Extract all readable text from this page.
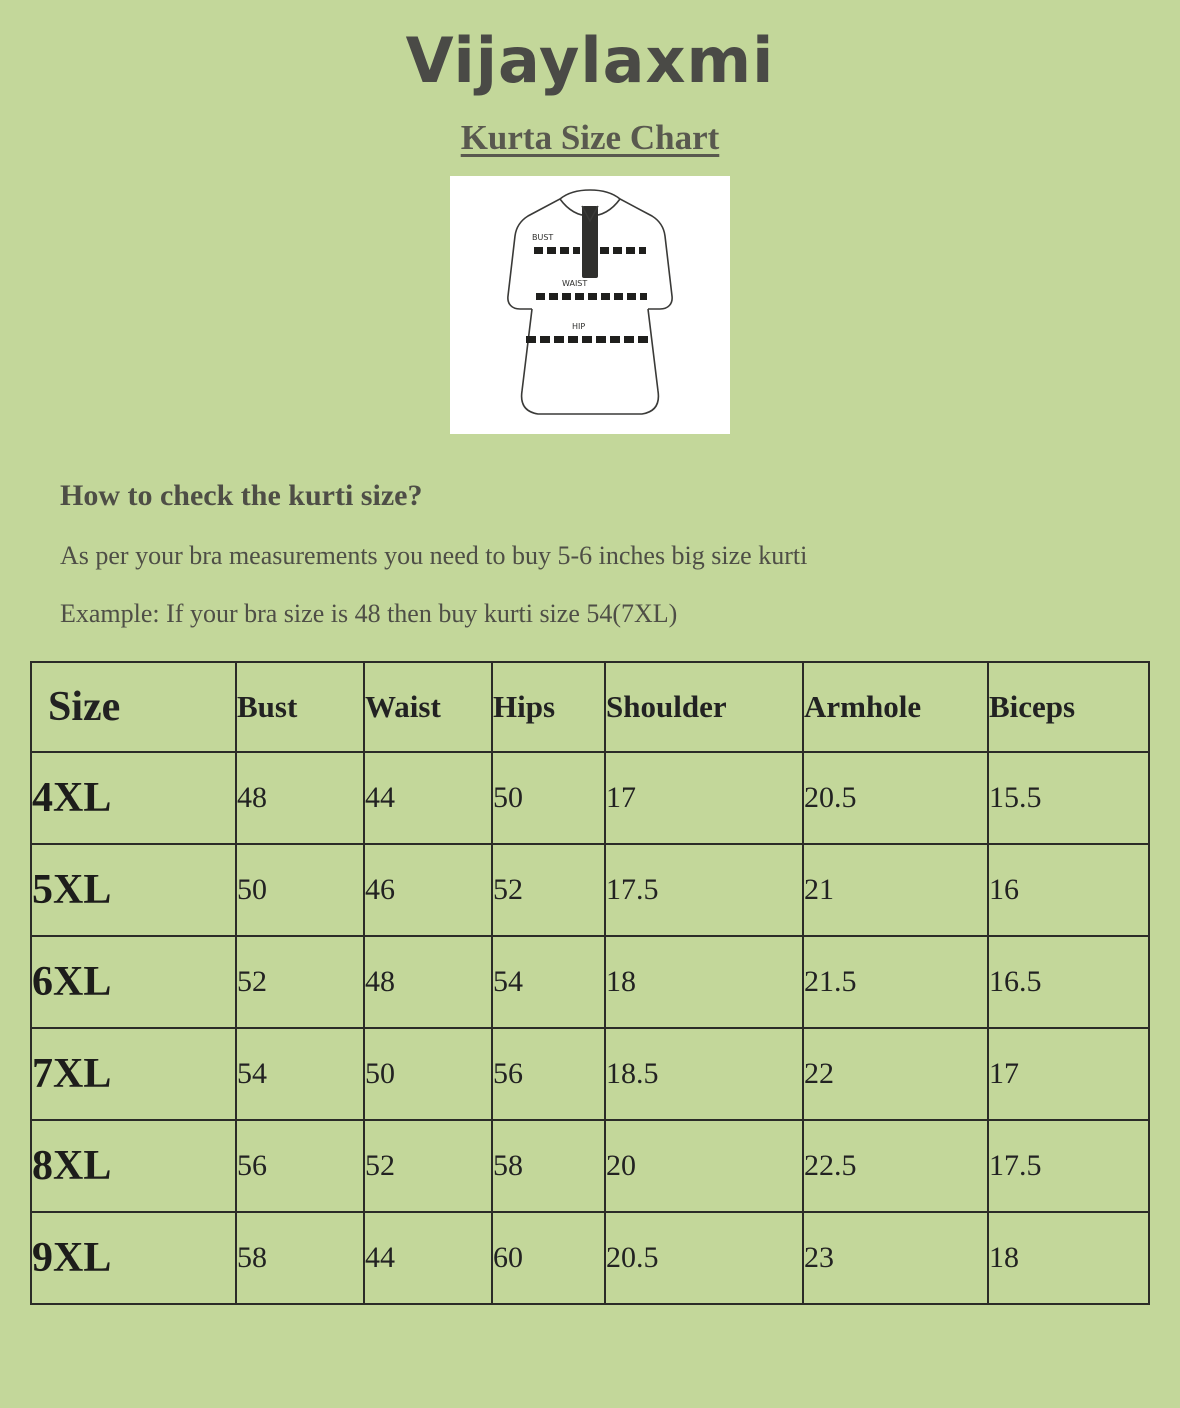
Vijaylaxmi
Kurta Size Chart
BUST
WAIST
HIP
How to check the kurti size?
As per your bra measurements you need to buy 5-6 inches big size kurti
Example: If your bra size is 48 then buy kurti size 54(7XL)
Size	Bust	Waist	Hips	Shoulder	Armhole	Biceps
4XL	48	44	50	17	20.5	15.5
5XL	50	46	52	17.5	21	16
6XL	52	48	54	18	21.5	16.5
7XL	54	50	56	18.5	22	17
8XL	56	52	58	20	22.5	17.5
9XL	58	44	60	20.5	23	18
